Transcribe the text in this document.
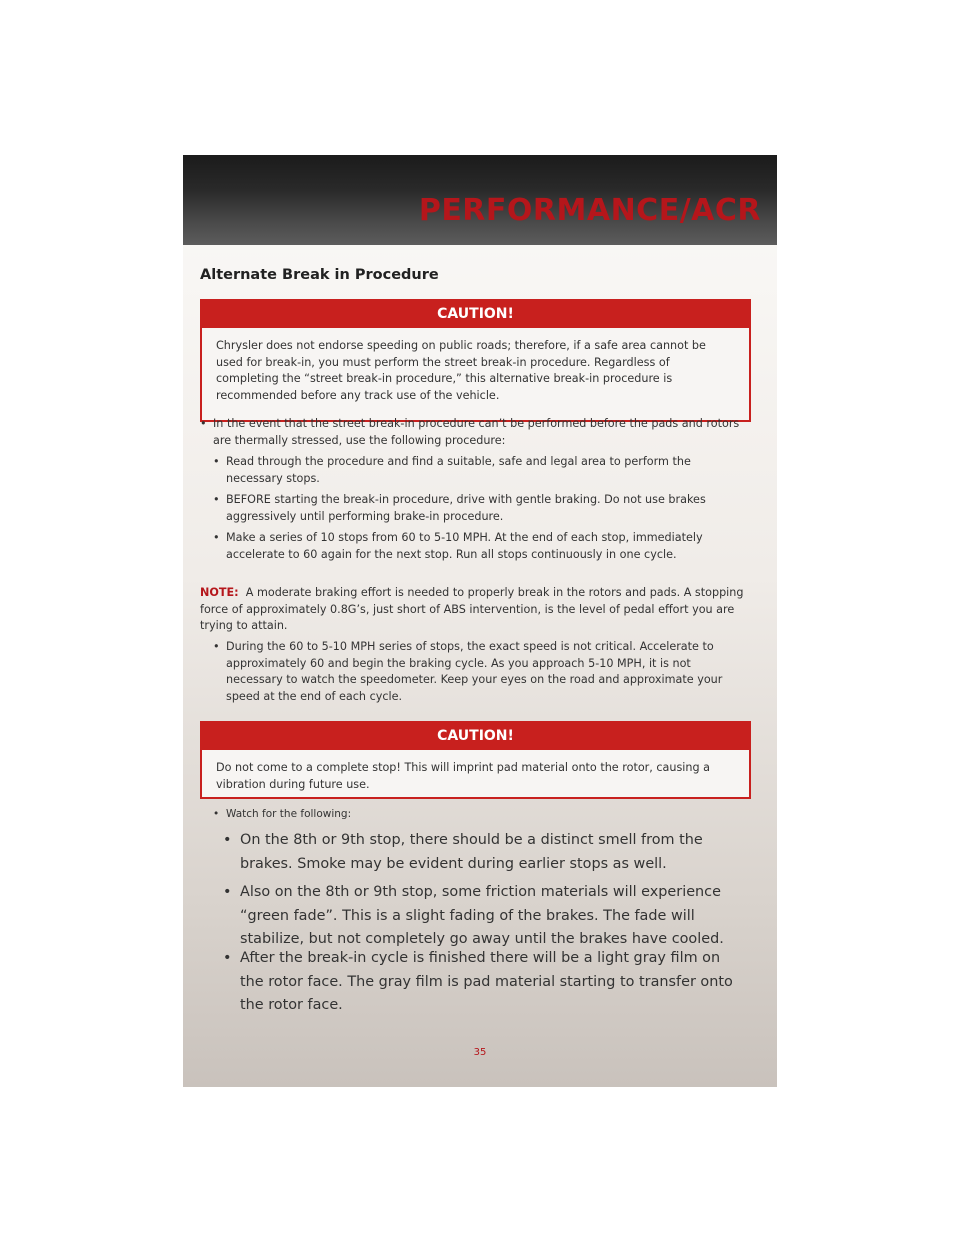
PERFORMANCE/ACR
Alternate Break in Procedure
CAUTION!
Chrysler does not endorse speeding on public roads; therefore, if a safe area cannot be used for break-in, you must perform the street break-in procedure. Regardless of completing the “street break-in procedure,” this alternative break-in procedure is recommended before any track use of the vehicle.
• In the event that the street break-in procedure can’t be performed before the pads and rotors are thermally stressed, use the following procedure:
• Read through the procedure and find a suitable, safe and legal area to perform the necessary stops.
• BEFORE starting the break-in procedure, drive with gentle braking. Do not use brakes aggressively until performing brake-in procedure.
• Make a series of 10 stops from 60 to 5-10 MPH. At the end of each stop, immediately accelerate to 60 again for the next stop. Run all stops continuously in one cycle.
NOTE: A moderate braking effort is needed to properly break in the rotors and pads. A stopping force of approximately 0.8G’s, just short of ABS intervention, is the level of pedal effort you are trying to attain.
• During the 60 to 5-10 MPH series of stops, the exact speed is not critical. Accelerate to approximately 60 and begin the braking cycle. As you approach 5-10 MPH, it is not necessary to watch the speedometer. Keep your eyes on the road and approximate your speed at the end of each cycle.
CAUTION!
Do not come to a complete stop! This will imprint pad material onto the rotor, causing a vibration during future use.
• Watch for the following:
• On the 8th or 9th stop, there should be a distinct smell from the brakes. Smoke may be evident during earlier stops as well.
• Also on the 8th or 9th stop, some friction materials will experience “green fade”. This is a slight fading of the brakes. The fade will stabilize, but not completely go away until the brakes have cooled.
• After the break-in cycle is finished there will be a light gray film on the rotor face. The gray film is pad material starting to transfer onto the rotor face.
35
